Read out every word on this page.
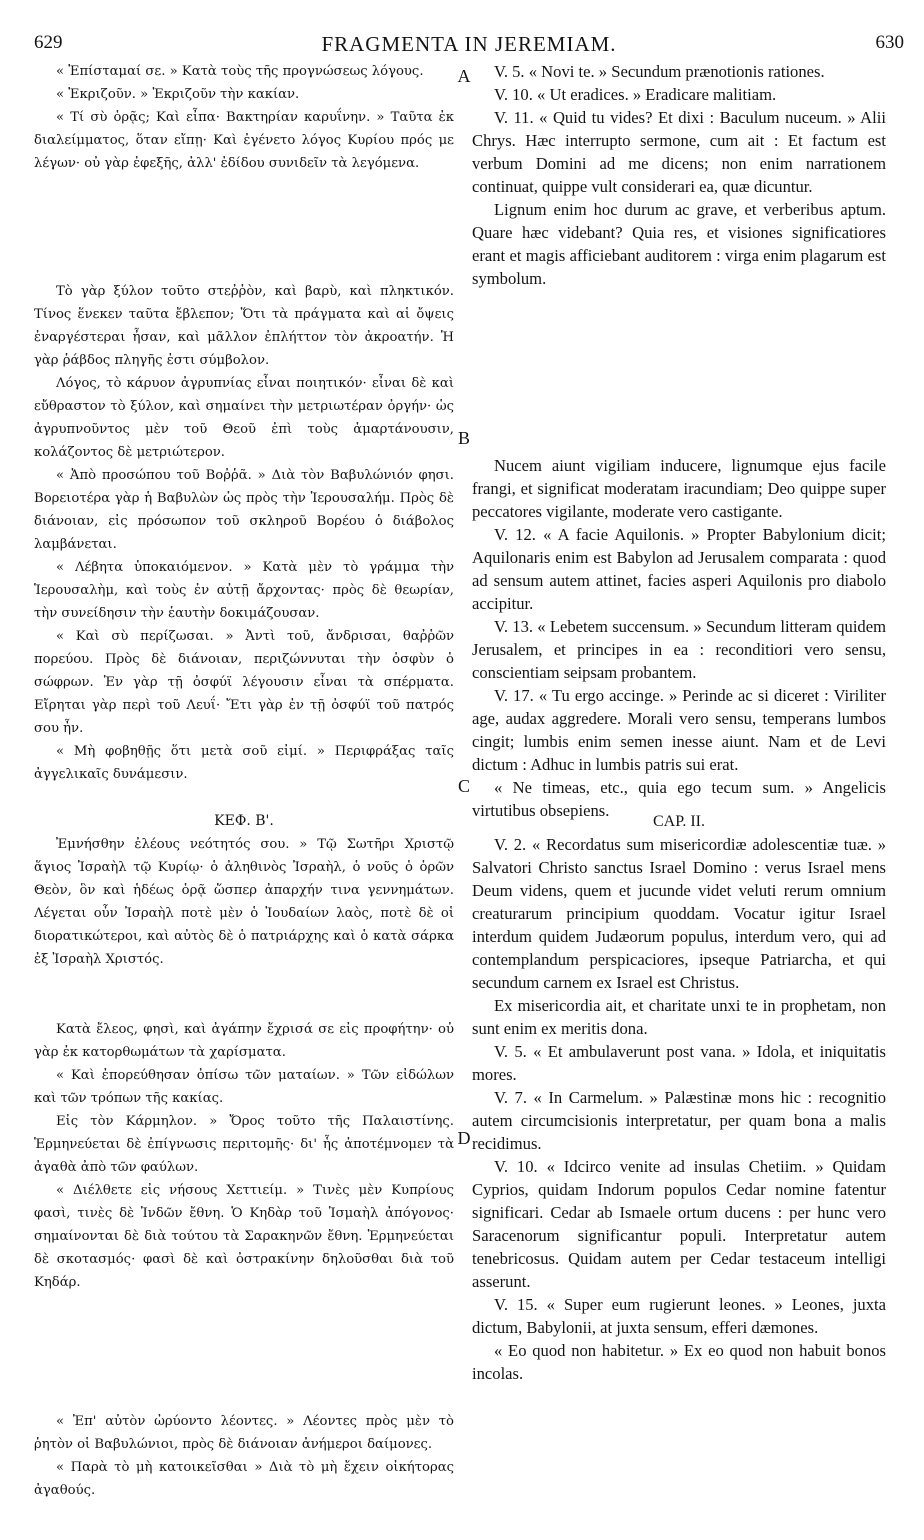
629	FRAGMENTA IN JEREMIAM.	630

« Ἐπίσταμαί σε. » Κατὰ τοὺς τῆς προγνώσεως λόγους.

« Ἐκριζοῦν. » Ἐκριζοῦν τὴν κακίαν.

« Τί σὺ ὁρᾷς; Καὶ εἶπα· Βακτηρίαν καρυΐνην. » Ταῦτα ἐκ διαλείμματος, ὅταν εἴπῃ· Καὶ ἐγένετο λόγος Κυρίου πρός με λέγων· οὐ γὰρ ἐφεξῆς, ἀλλ' ἐδίδου συνιδεῖν τὰ λεγόμενα.

Τὸ γὰρ ξύλον τοῦτο στεῤῥὸν, καὶ βαρὺ, καὶ πληκτικόν. Τίνος ἕνεκεν ταῦτα ἔβλεπον; Ὅτι τὰ πράγματα καὶ αἱ ὄψεις ἐναργέστεραι ἦσαν, καὶ μᾶλλον ἐπλήττον τὸν ἀκροατήν. Ἡ γὰρ ῥάβδος πληγῆς ἐστι σύμβολον.

Λόγος, τὸ κάρυον ἀγρυπνίας εἶναι ποιητικόν· εἶναι δὲ καὶ εὔθραστον τὸ ξύλον, καὶ σημαίνει τὴν μετριωτέραν ὀργήν· ὡς ἀγρυπνοῦντος μὲν τοῦ Θεοῦ ἐπὶ τοὺς ἁμαρτάνουσιν, κολάζοντος δὲ μετριώτερον.

« Ἀπὸ προσώπου τοῦ Βοῤῥᾶ. » Διὰ τὸν Βαβυλώνιόν φησι. Βορειοτέρα γὰρ ἡ Βαβυλὼν ὡς πρὸς τὴν Ἱερουσαλήμ. Πρὸς δὲ διάνοιαν, εἰς πρόσωπον τοῦ σκληροῦ Βορέου ὁ διάβολος λαμβάνεται.

« Λέβητα ὑποκαιόμενον. » Κατὰ μὲν τὸ γράμμα τὴν Ἱερουσαλὴμ, καὶ τοὺς ἐν αὐτῇ ἄρχοντας· πρὸς δὲ θεωρίαν, τὴν συνείδησιν τὴν ἑαυτὴν δοκιμάζουσαν.

« Καὶ σὺ περίζωσαι. » Ἀντὶ τοῦ, ἄνδρισαι, θαῤῥῶν πορεύου. Πρὸς δὲ διάνοιαν, περιζώννυται τὴν ὀσφὺν ὁ σώφρων. Ἐν γὰρ τῇ ὀσφύϊ λέγουσιν εἶναι τὰ σπέρματα. Εἴρηται γὰρ περὶ τοῦ Λευΐ· Ἔτι γὰρ ἐν τῇ ὀσφύϊ τοῦ πατρός σου ἦν.

« Μὴ φοβηθῇς ὅτι μετὰ σοῦ εἰμί. » Περιφράξας ταῖς ἀγγελικαῖς δυνάμεσιν.

ΚΕΦ. Β'.

Ἐμνήσθην ἐλέους νεότητός σου. » Τῷ Σωτῆρι Χριστῷ ἅγιος Ἰσραὴλ τῷ Κυρίῳ· ὁ ἀληθινὸς Ἰσραὴλ, ὁ νοῦς ὁ ὁρῶν Θεὸν, ὃν καὶ ἡδέως ὁρᾷ ὥσπερ ἀπαρχήν τινα γεννημάτων. Λέγεται οὖν Ἰσραὴλ ποτὲ μὲν ὁ Ἰουδαίων λαὸς, ποτὲ δὲ οἱ διορατικώτεροι, καὶ αὐτὸς δὲ ὁ πατριάρχης καὶ ὁ κατὰ σάρκα ἐξ Ἰσραὴλ Χριστός.

Κατὰ ἔλεος, φησὶ, καὶ ἀγάπην ἔχρισά σε εἰς προφήτην· οὐ γὰρ ἐκ κατορθωμάτων τὰ χαρίσματα.

« Καὶ ἐπορεύθησαν ὀπίσω τῶν ματαίων. » Τῶν εἰδώλων καὶ τῶν τρόπων τῆς κακίας.

Εἰς τὸν Κάρμηλον. » Ὄρος τοῦτο τῆς Παλαιστίνης. Ἑρμηνεύεται δὲ ἐπίγνωσις περιτομῆς· δι' ἧς ἀποτέμνομεν τὰ ἀγαθὰ ἀπὸ τῶν φαύλων.

« Διέλθετε εἰς νήσους Χεττιείμ. » Τινὲς μὲν Κυπρίους φασὶ, τινὲς δὲ Ἰνδῶν ἔθνη. Ὁ Κηδὰρ τοῦ Ἰσμαὴλ ἀπόγονος· σημαίνονται δὲ διὰ τούτου τὰ Σαρακηνῶν ἔθνη. Ἑρμηνεύεται δὲ σκοτασμός· φασὶ δὲ καὶ ὀστρακίνην δηλοῦσθαι διὰ τοῦ Κηδάρ.

« Ἐπ' αὐτὸν ὠρύοντο λέοντες. » Λέοντες πρὸς μὲν τὸ ῥητὸν οἱ Βαβυλώνιοι, πρὸς δὲ διάνοιαν ἀνήμεροι δαίμονες.

« Παρὰ τὸ μὴ κατοικεῖσθαι » Διὰ τὸ μὴ ἔχειν οἰκήτορας ἀγαθούς.

A
B
C
D

V. 5. « Novi te. » Secundum prænotionis rationes.

V. 10. « Ut eradices. » Eradicare malitiam.

V. 11. « Quid tu vides? Et dixi : Baculum nuceum. » Alii Chrys. Hæc interrupto sermone, cum ait : Et factum est verbum Domini ad me dicens; non enim narrationem continuat, quippe vult considerari ea, quæ dicuntur.

Lignum enim hoc durum ac grave, et verberibus aptum. Quare hæc videbant? Quia res, et visiones significatiores erant et magis afficiebant auditorem : virga enim plagarum est symbolum.

Nucem aiunt vigiliam inducere, lignumque ejus facile frangi, et significat moderatam iracundiam; Deo quippe super peccatores vigilante, moderate vero castigante.

V. 12. « A facie Aquilonis. » Propter Babylonium dicit; Aquilonaris enim est Babylon ad Jerusalem comparata : quod ad sensum autem attinet, facies asperi Aquilonis pro diabolo accipitur.

V. 13. « Lebetem succensum. » Secundum litteram quidem Jerusalem, et principes in ea : reconditiori vero sensu, conscientiam seipsam probantem.

V. 17. « Tu ergo accinge. » Perinde ac si diceret : Viriliter age, audax aggredere. Morali vero sensu, temperans lumbos cingit; lumbis enim semen inesse aiunt. Nam et de Levi dictum : Adhuc in lumbis patris sui erat.

« Ne timeas, etc., quia ego tecum sum. » Angelicis virtutibus obsepiens.

CAP. II.

V. 2. « Recordatus sum misericordiæ adolescentiæ tuæ. » Salvatori Christo sanctus Israel Domino : verus Israel mens Deum videns, quem et jucunde videt veluti rerum omnium creaturarum principium quoddam. Vocatur igitur Israel interdum quidem Judæorum populus, interdum vero, qui ad contemplandum perspicaciores, ipseque Patriarcha, et qui secundum carnem ex Israel est Christus.

Ex misericordia ait, et charitate unxi te in prophetam, non sunt enim ex meritis dona.

V. 5. « Et ambulaverunt post vana. » Idola, et iniquitatis mores.

V. 7. « In Carmelum. » Palæstinæ mons hic : recognitio autem circumcisionis interpretatur, per quam bona a malis recidimus.

V. 10. « Idcirco venite ad insulas Chetiim. » Quidam Cyprios, quidam Indorum populos Cedar nomine fatentur significari. Cedar ab Ismaele ortum ducens : per hunc vero Saracenorum significantur populi. Interpretatur autem tenebricosus. Quidam autem per Cedar testaceum intelligi asserunt.

V. 15. « Super eum rugierunt leones. » Leones, juxta dictum, Babylonii, at juxta sensum, efferi dæmones.

« Eo quod non habitetur. » Ex eo quod non habuit bonos incolas.
